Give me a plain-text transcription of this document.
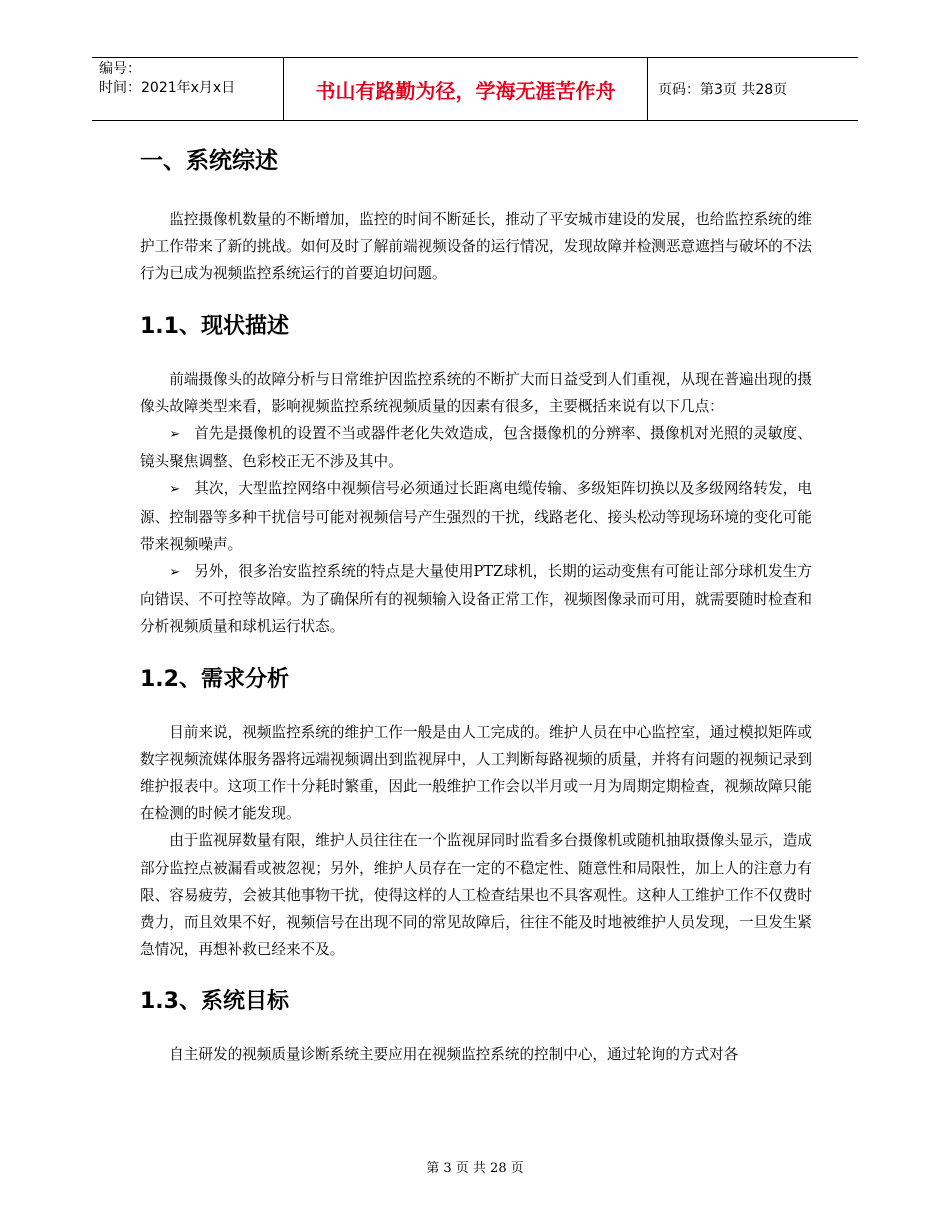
编号：
时间：2021年x月x日	书山有路勤为径，学海无涯苦作舟	页码：第3页 共28页
一、系统综述

监控摄像机数量的不断增加，监控的时间不断延长，推动了平安城市建设的发展，也给监控系统的维护工作带来了新的挑战。如何及时了解前端视频设备的运行情况，发现故障并检测恶意遮挡与破坏的不法行为已成为视频监控系统运行的首要迫切问题。

1.1、现状描述

前端摄像头的故障分析与日常维护因监控系统的不断扩大而日益受到人们重视，从现在普遍出现的摄像头故障类型来看，影响视频监控系统视频质量的因素有很多，主要概括来说有以下几点：

➢ 首先是摄像机的设置不当或器件老化失效造成，包含摄像机的分辨率、摄像机对光照的灵敏度、镜头聚焦调整、色彩校正无不涉及其中。

➢ 其次，大型监控网络中视频信号必须通过长距离电缆传输、多级矩阵切换以及多级网络转发，电源、控制器等多种干扰信号可能对视频信号产生强烈的干扰，线路老化、接头松动等现场环境的变化可能带来视频噪声。

➢ 另外，很多治安监控系统的特点是大量使用PTZ球机，长期的运动变焦有可能让部分球机发生方向错误、不可控等故障。为了确保所有的视频输入设备正常工作，视频图像录而可用，就需要随时检查和分析视频质量和球机运行状态。

1.2、需求分析

目前来说，视频监控系统的维护工作一般是由人工完成的。维护人员在中心监控室，通过模拟矩阵或数字视频流媒体服务器将远端视频调出到监视屏中，人工判断每路视频的质量，并将有问题的视频记录到维护报表中。这项工作十分耗时繁重，因此一般维护工作会以半月或一月为周期定期检查，视频故障只能在检测的时候才能发现。

由于监视屏数量有限，维护人员往往在一个监视屏同时监看多台摄像机或随机抽取摄像头显示，造成部分监控点被漏看或被忽视；另外，维护人员存在一定的不稳定性、随意性和局限性，加上人的注意力有限、容易疲劳，会被其他事物干扰，使得这样的人工检查结果也不具客观性。这种人工维护工作不仅费时费力，而且效果不好，视频信号在出现不同的常见故障后，往往不能及时地被维护人员发现，一旦发生紧急情况，再想补救已经来不及。

1.3、系统目标

自主研发的视频质量诊断系统主要应用在视频监控系统的控制中心，通过轮询的方式对各

第 3 页 共 28 页
